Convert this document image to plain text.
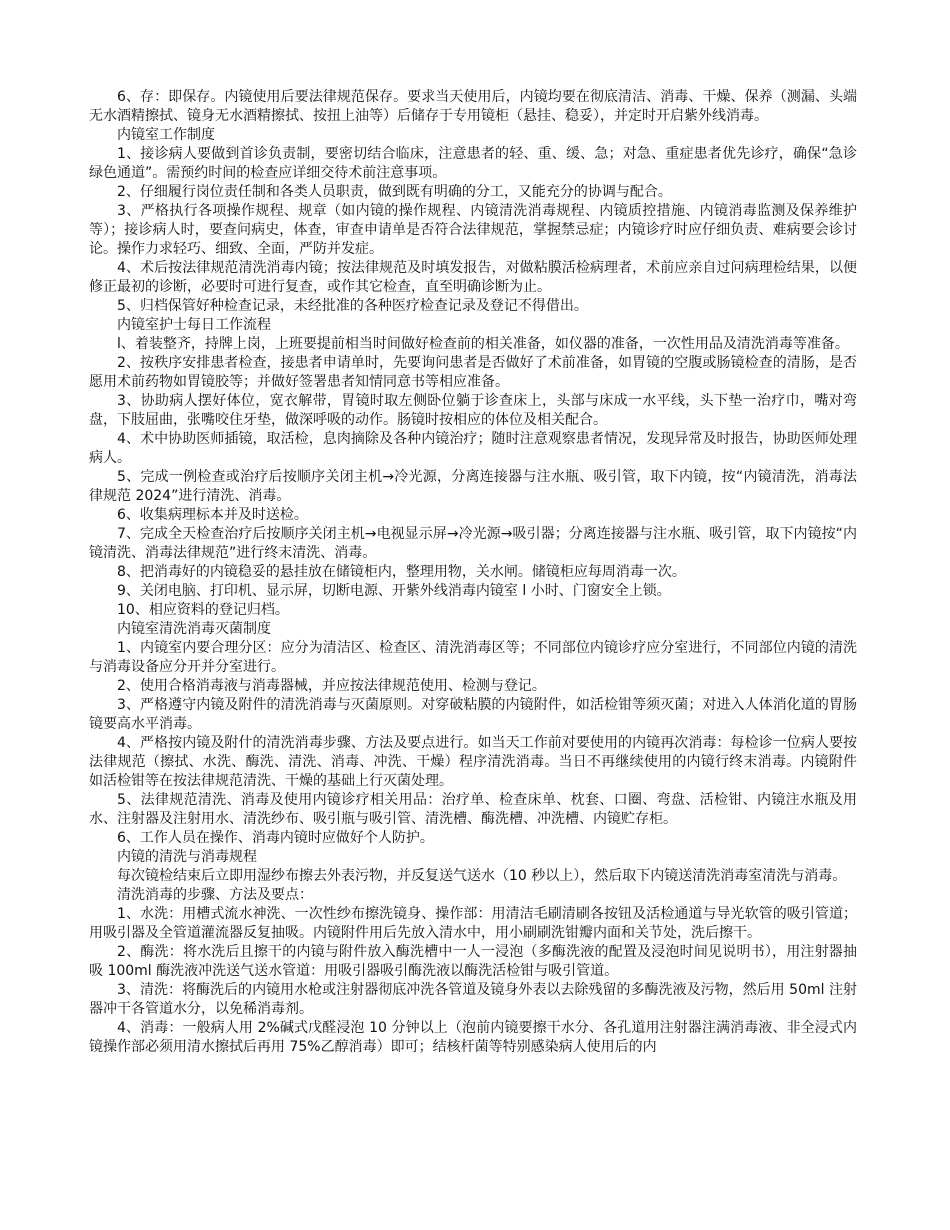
6、存：即保存。内镜使用后要法律规范保存。要求当天使用后，内镜均要在彻底清洁、消毒、干燥、保养（测漏、头端无水酒精擦拭、镜身无水酒精擦拭、按扭上油等）后储存于专用镜柜（悬挂、稳妥），并定时开启紫外线消毒。

内镜室工作制度

1、接诊病人要做到首诊负责制，要密切结合临床，注意患者的轻、重、缓、急；对急、重症患者优先诊疗，确保“急诊绿色通道”。需预约时间的检查应详细交待术前注意事项。

2、仔细履行岗位责任制和各类人员职责，做到既有明确的分工，又能充分的协调与配合。

3、严格执行各项操作规程、规章（如内镜的操作规程、内镜清洗消毒规程、内镜质控措施、内镜消毒监测及保养维护等）；接诊病人时，要查问病史，体查，审查申请单是否符合法律规范，掌握禁忌症；内镜诊疗时应仔细负责、难病要会诊讨论。操作力求轻巧、细致、全面，严防并发症。

4、术后按法律规范清洗消毒内镜；按法律规范及时填发报告，对做粘膜活检病理者，术前应亲自过问病理检结果，以便修正最初的诊断，必要时可进行复查，或作其它检查，直至明确诊断为止。

5、归档保管好种检查记录，未经批准的各种医疗检查记录及登记不得借出。

内镜室护士每日工作流程

l、着装整齐，持牌上岗，上班要提前相当时间做好检查前的相关准备，如仪器的准备，一次性用品及清洗消毒等准备。

2、按秩序安排患者检查，接患者申请单时，先要询问患者是否做好了术前准备，如胃镜的空腹或肠镜检查的清肠，是否愿用术前药物如胃镜胶等；并做好签署患者知情同意书等相应准备。

3、协助病人摆好体位，宽衣解带，胃镜时取左侧卧位躺于诊查床上，头部与床成一水平线，头下垫一治疗巾，嘴对弯盘，下肢屈曲，张嘴咬住牙垫，做深呼吸的动作。肠镜时按相应的体位及相关配合。

4、术中协助医师插镜，取活检，息肉摘除及各种内镜治疗；随时注意观察患者情况，发现异常及时报告，协助医师处理病人。

5、完成一例检查或治疗后按顺序关闭主机→冷光源，分离连接器与注水瓶、吸引管，取下内镜，按“内镜清洗，消毒法律规范 2024”进行清洗、消毒。

6、收集病理标本并及时送检。

7、完成全天检查治疗后按顺序关闭主机→电视显示屏→冷光源→吸引器；分离连接器与注水瓶、吸引管，取下内镜按“内镜清洗、消毒法律规范”进行终末清洗、消毒。

8、把消毒好的内镜稳妥的悬挂放在储镜柜内，整理用物，关水闸。储镜柜应每周消毒一次。

9、关闭电脑、打印机、显示屏，切断电源、开紫外线消毒内镜室 l 小时、门窗安全上锁。

10、相应资料的登记归档。

内镜室清洗消毒灭菌制度

1、内镜室内要合理分区：应分为清洁区、检查区、清洗消毒区等；不同部位内镜诊疗应分室进行，不同部位内镜的清洗与消毒设备应分开并分室进行。

2、使用合格消毒液与消毒器械，并应按法律规范使用、检测与登记。

3、严格遵守内镜及附件的清洗消毒与灭菌原则。对穿破粘膜的内镜附件，如活检钳等须灭菌；对进入人体消化道的胃肠镜要高水平消毒。

4、严格按内镜及附什的清洗消毒步骤、方法及要点进行。如当天工作前对要使用的内镜再次消毒：每检诊一位病人要按法律规范（擦拭、水洗、酶洗、清洗、消毒、冲洗、干燥）程序清洗消毒。当日不再继续使用的内镜行终末消毒。内镜附件如活检钳等在按法律规范清洗、干燥的基础上行灭菌处理。

5、法律规范清洗、消毒及使用内镜诊疗相关用品：治疗单、检查床单、枕套、口圈、弯盘、活检钳、内镜注水瓶及用水、注射器及注射用水、清洗纱布、吸引瓶与吸引管、清洗槽、酶洗槽、冲洗槽、内镜贮存柜。

6、工作人员在操作、消毒内镜时应做好个人防护。

内镜的清洗与消毒规程

每次镜检结束后立即用湿纱布擦去外表污物，并反复送气送水（10 秒以上），然后取下内镜送清洗消毒室清洗与消毒。

清洗消毒的步骤、方法及要点：

1、水洗：用槽式流水神洗、一次性纱布擦洗镜身、操作部：用清洁毛刷清刷各按钮及活检通道与导光软管的吸引管道；用吸引器及全管道灌流器反复抽吸。内镜附件用后先放入清水中，用小刷刷洗钳瓣内面和关节处，洗后擦干。

2、酶洗：将水洗后且擦干的内镜与附件放入酶洗槽中一人一浸泡（多酶洗液的配置及浸泡时间见说明书），用注射器抽吸 100ml 酶洗液冲洗送气送水管道：用吸引器吸引酶洗液以酶洗活检钳与吸引管道。

3、清洗：将酶洗后的内镜用水枪或注射器彻底冲洗各管道及镜身外表以去除残留的多酶洗液及污物，然后用 50ml 注射器冲干各管道水分，以免稀消毒剂。

4、消毒：一般病人用 2%碱式戊醛浸泡 10 分钟以上（泡前内镜要擦干水分、各孔道用注射器注满消毒液、非全浸式内镜操作部必须用清水擦拭后再用 75%乙醇消毒）即可；结核杆菌等特别感染病人使用后的内
